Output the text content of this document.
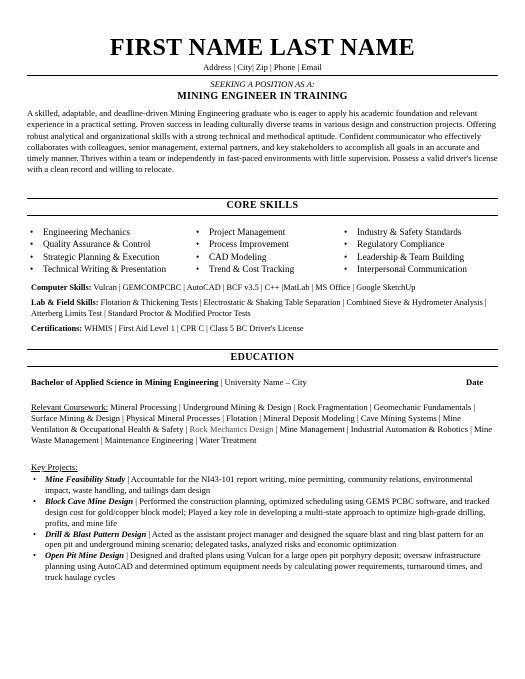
FIRST NAME LAST NAME
Address | City| Zip | Phone | Email
SEEKING A POSITION AS A:
MINING ENGINEER IN TRAINING
A skilled, adaptable, and deadline-driven Mining Engineering graduate who is eager to apply his academic foundation and relevant experience in a practical setting. Proven success in leading culturally diverse teams in various design and construction projects. Offering robust analytical and organizational skills with a strong technical and methodical aptitude. Confident communicator who effectively collaborates with colleagues, senior management, external partners, and key stakeholders to accomplish all goals in an accurate and timely manner. Thrives within a team or independently in fast-paced environments with little supervision. Possess a valid driver's license with a clean record and willing to relocate.
CORE SKILLS
• Engineering Mechanics
• Quality Assurance & Control
• Strategic Planning & Execution
• Technical Writing & Presentation
• Project Management
• Process Improvement
• CAD Modeling
• Trend & Cost Tracking
• Industry & Safety Standards
• Regulatory Compliance
• Leadership & Team Building
• Interpersonal Communication
Computer Skills: Vulcan | GEMCOMPCBC | AutoCAD | BCF v3.5 | C++ |MatLab | MS Office | Google SketchUp
Lab & Field Skills: Flotation & Thickening Tests | Electrostatic & Shaking Table Separation | Combined Sieve & Hydrometer Analysis | Atterberg Limits Test | Standard Proctor & Modified Proctor Tests
Certifications: WHMIS | First Aid Level 1 | CPR C | Class 5 BC Driver's License
EDUCATION
Bachelor of Applied Science in Mining Engineering | University Name – City	Date
Relevant Coursework: Mineral Processing | Underground Mining & Design | Rock Fragmentation | Geomechanic Fundamentals | Surface Mining & Design | Physical Mineral Processes | Flotation | Mineral Deposit Modeling | Cave Mining Systems | Mine Ventilation & Occupational Health & Safety | Rock Mechanics Design | Mine Management | Industrial Automation & Robotics | Mine Waste Management | Maintenance Engineering | Water Treatment
Key Projects:
• Mine Feasibility Study | Accountable for the NI43-101 report writing, mine permitting, community relations, environmental impact, waste handling, and tailings dam design
• Block Cave Mine Design | Performed the construction planning, optimized scheduling using GEMS PCBC software, and tracked design cost for gold/copper block model; Played a key role in developing a multi-state approach to optimize high-grade drilling, profits, and mine life
• Drill & Blast Pattern Design | Acted as the assistant project manager and designed the square blast and ring blast pattern for an open pit and underground mining scenario; delegated tasks, analyzed risks and economic optimization
• Open Pit Mine Design | Designed and drafted plans using Vulcan for a large open pit porphyry deposit; oversaw infrastructure planning using AutoCAD and determined optimum equipment needs by calculating power requirements, turnaround times, and truck haulage cycles
